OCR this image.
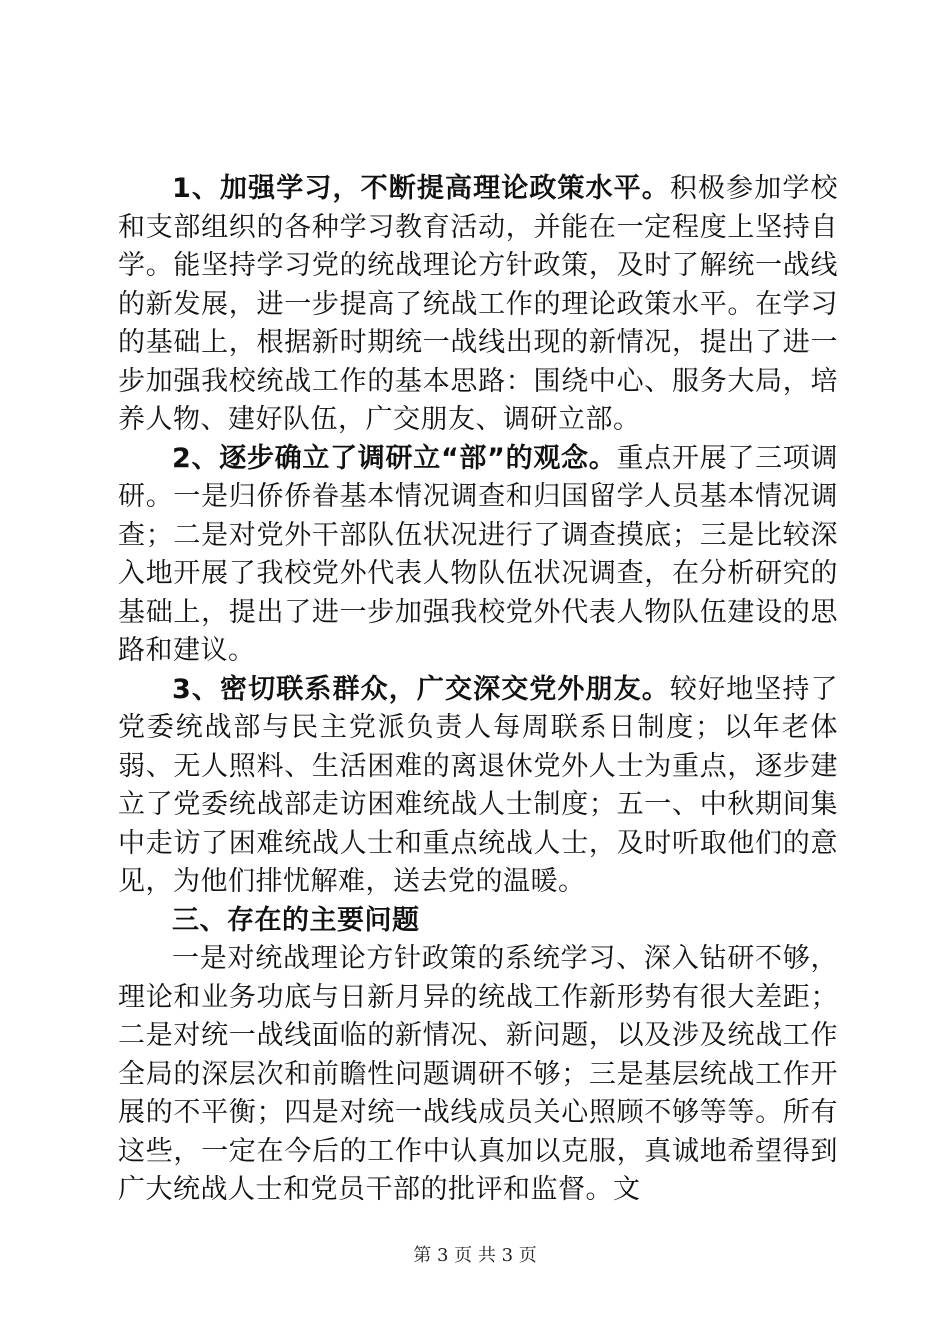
1、加强学习，不断提高理论政策水平。积极参加学校和支部组织的各种学习教育活动，并能在一定程度上坚持自学。能坚持学习党的统战理论方针政策，及时了解统一战线的新发展，进一步提高了统战工作的理论政策水平。在学习的基础上，根据新时期统一战线出现的新情况，提出了进一步加强我校统战工作的基本思路：围绕中心、服务大局，培养人物、建好队伍，广交朋友、调研立部。

2、逐步确立了调研立“部”的观念。重点开展了三项调研。一是归侨侨眷基本情况调查和归国留学人员基本情况调查；二是对党外干部队伍状况进行了调查摸底；三是比较深入地开展了我校党外代表人物队伍状况调查，在分析研究的基础上，提出了进一步加强我校党外代表人物队伍建设的思路和建议。

3、密切联系群众，广交深交党外朋友。较好地坚持了党委统战部与民主党派负责人每周联系日制度；以年老体弱、无人照料、生活困难的离退休党外人士为重点，逐步建立了党委统战部走访困难统战人士制度；五一、中秋期间集中走访了困难统战人士和重点统战人士，及时听取他们的意见，为他们排忧解难，送去党的温暖。

三、存在的主要问题

一是对统战理论方针政策的系统学习、深入钻研不够，理论和业务功底与日新月异的统战工作新形势有很大差距；二是对统一战线面临的新情况、新问题，以及涉及统战工作全局的深层次和前瞻性问题调研不够；三是基层统战工作开展的不平衡；四是对统一战线成员关心照顾不够等等。所有这些，一定在今后的工作中认真加以克服，真诚地希望得到广大统战人士和党员干部的批评和监督。文

第 3 页 共 3 页
